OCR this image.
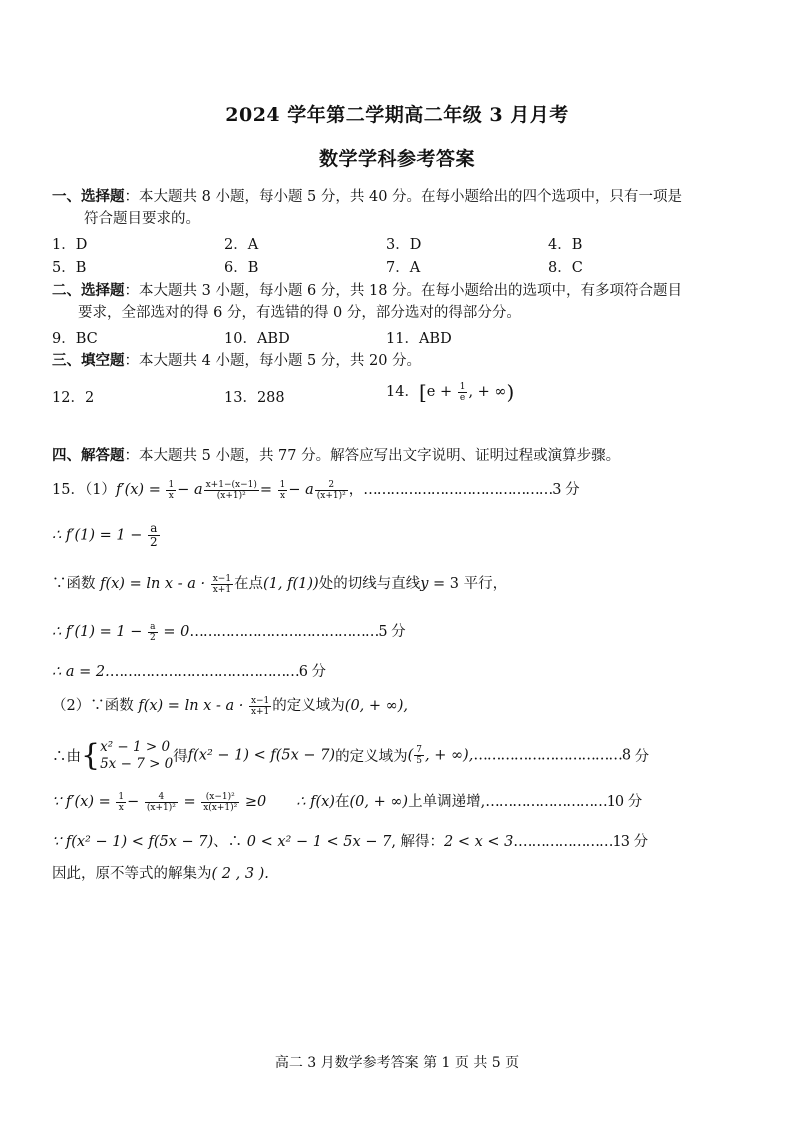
2024 学年第二学期高二年级 3 月月考
数学学科参考答案
一、选择题：本大题共 8 小题，每小题 5 分，共 40 分。在每小题给出的四个选项中，只有一项是
符合题目要求的。
1．D	2．A	3．D	4．B
5．B	6．B	7．A	8．C
二、选择题：本大题共 3 小题，每小题 6 分，共 18 分。在每小题给出的选项中，有多项符合题目
要求，全部选对的得 6 分，有选错的得 0 分，部分选对的得部分分。
9．BC	10．ABD	11．ABD
三、填空题：本大题共 4 小题，每小题 5 分，共 20 分。
12．2	13．288	14．[$e + \frac{1}{e}$ , + ∞)
四、解答题：本大题共 5 小题，共 77 分。解答应写出文字说明、证明过程或演算步骤。
15．$(1)f'(x) = \frac{1}{x} - a \frac{x+1-(x-1)}{\text{(x+1)²}} = \frac{1}{x} - a \frac{2}{\text{(x+1)²}}$ ，……………………………………3 分
∴ $f'(1) = 1 - \frac{a}{2}$
∵函数 $f(x) = \ln x - a \cdot \frac{x-1}{x+1}$ 在点(1, f(1))处的切线与直线y = 3 平行，
∴ $f'(1) = 1 - \frac{a}{2}$ = 0……………………………………5 分
∴ a = 2.……………………………………6 分
（2）∵函数 $f(x) = \ln x - a \cdot \frac{x-1}{x+1}$ 的定义域为(0, + ∞),
∴由{ x² − 1 > 0
5x − 7 > 0 得f(x² − 1) < f(5x − 7)的定义域为( $\frac{7}{5}$ , + ∞),……………………………8 分
∵ $f'(x) = \frac{1}{x} - \frac{4}{\text{(x+1)²}} = \frac{\text{(x−1)²}}{\text{x(x+1)²}} \ge 0$ ∴ f(x)在(0, + ∞)上单调递增,………………………10 分
∵ f(x² − 1) < f(5x − 7)、∴ 0 < x² − 1 < 5x − 7, 解得：2 < x < 3.…………………13 分
因此，原不等式的解集为( 2 , 3 ).
高二 3 月数学参考答案 第 1 页 共 5 页
